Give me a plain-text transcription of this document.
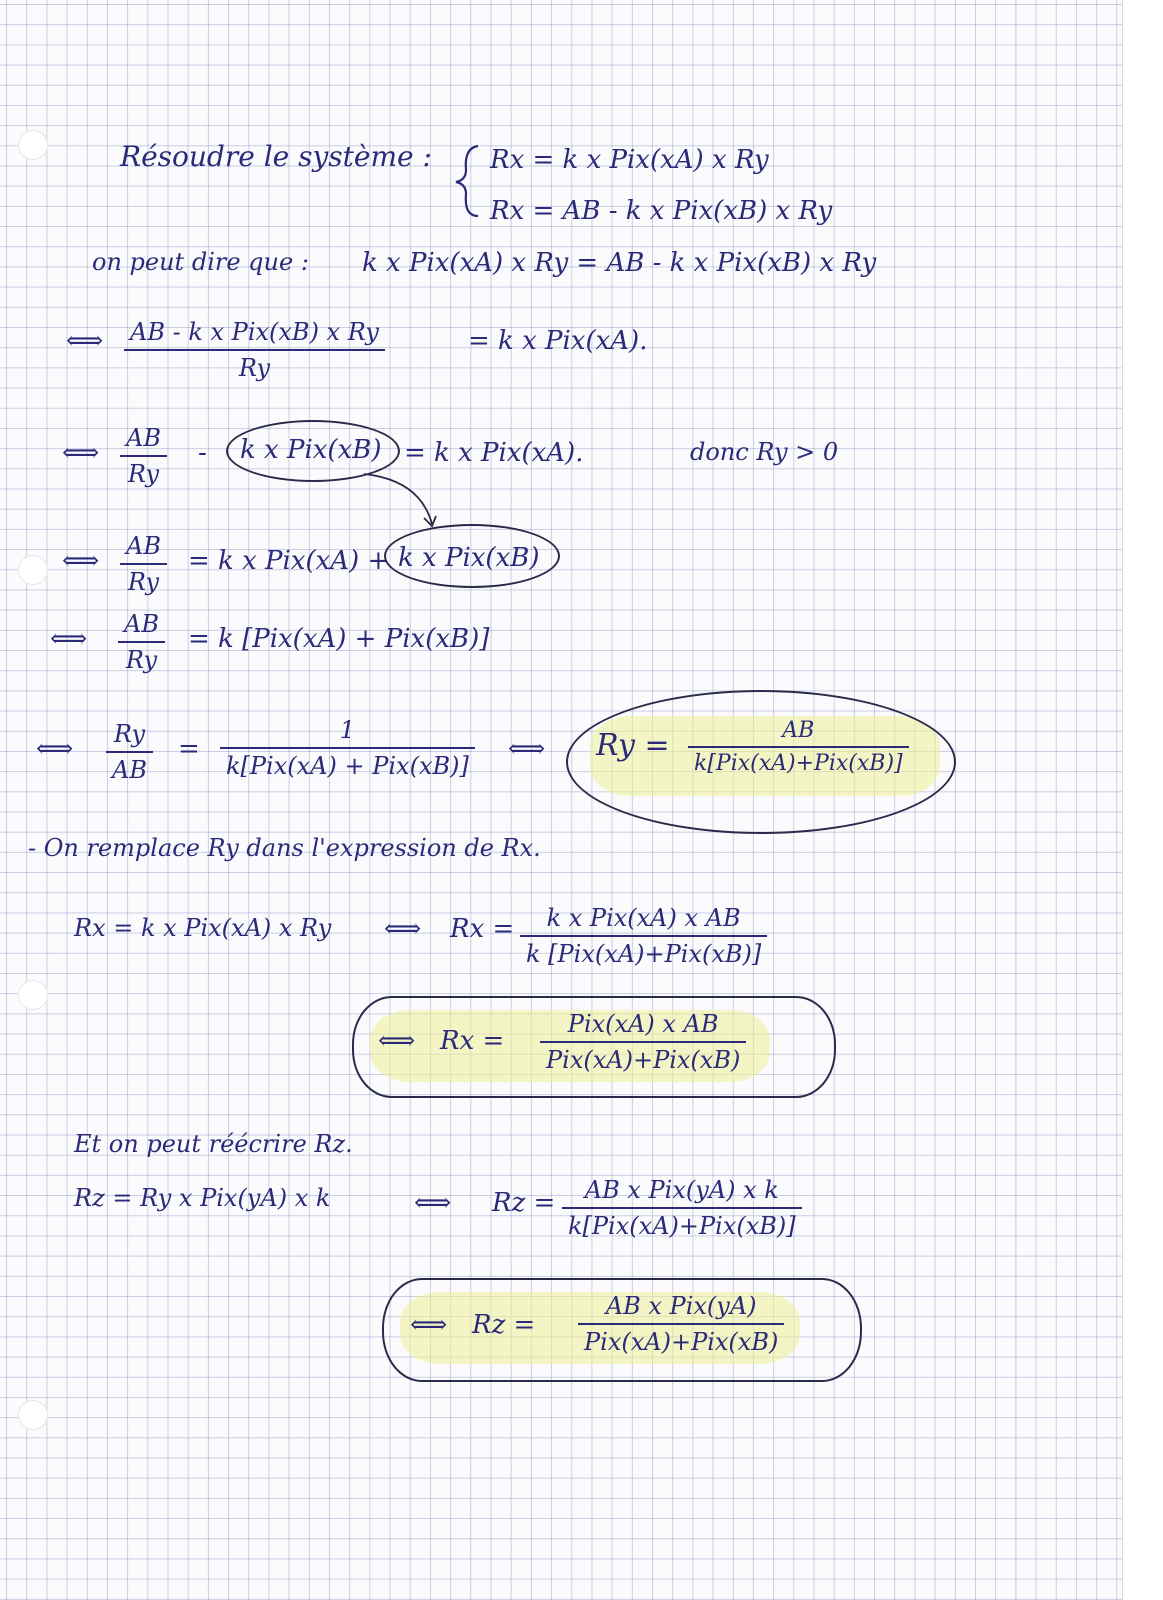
Résoudre le système : Rx = k x Pix(xA) x Ry
Rx = AB - k x Pix(xB) x Ry
on peut dire que : k x Pix(xA) x Ry = AB - k x Pix(xB) x Ry
⟺ AB - k x Pix(xB) x Ry
Ry
= k x Pix(xA).
⟺ $\frac{AB}{Ry}$ - k x Pix(xB) = k x Pix(xA).	donc Ry > 0
⟺ $\frac{AB}{Ry} = k$ x Pix(xA) + k x Pix(xB)
⟺ $\frac{AB}{Ry} = k$ [Pix(xA) + Pix(xB)]
⟺ $\frac{Ry}{AB}$ =
1
k[Pix(xA) + Pix(xB)]
⟺ Ry =	AB
k[Pix(xA)+Pix(xB)]
- On remplace Ry dans l'expression de Rx.
Rx = k x Pix(xA) x Ry ⟺ Rx =	k x Pix(xA) x AB
k [Pix(xA)+Pix(xB)]
⟺ Rx =
Pix(xA) x AB
Pix(xA)+Pix(xB)
Et on peut réécrire Rz.
Rz = Ry x Pix(yA) x k	⟺ Rz =	AB x Pix(yA) x k
k[Pix(xA)+Pix(xB)]
⟺ Rz =
AB x Pix(yA)
Pix(xA)+Pix(xB)
